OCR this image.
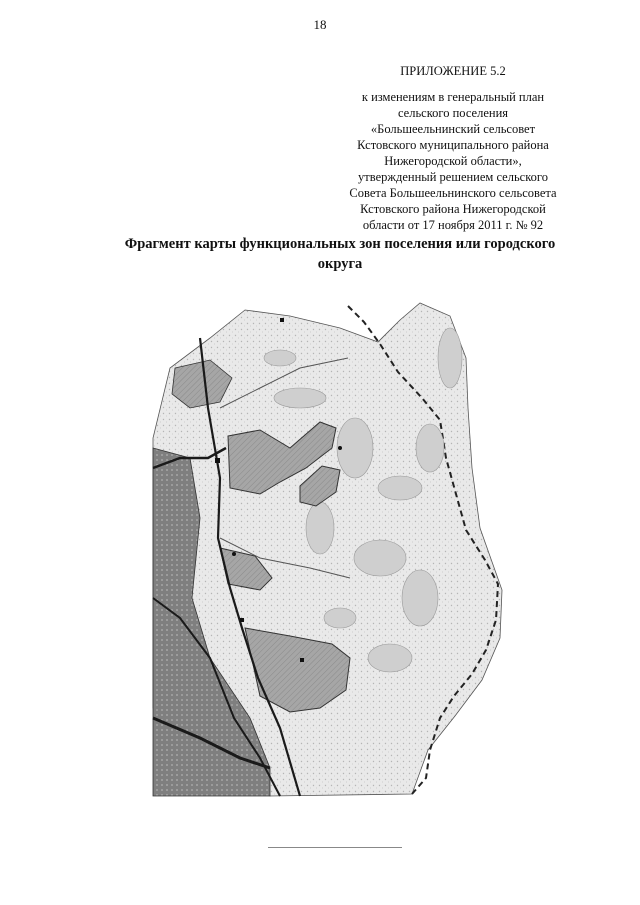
18
ПРИЛОЖЕНИЕ 5.2
к изменениям в генеральный план
сельского поселения
«Большеельнинский сельсовет
Кстовского муниципального района
Нижегородской области»,
утвержденный решением сельского
Совета Большеельнинского сельсовета
Кстовского района Нижегородской
области от 17 ноября 2011 г. № 92
Фрагмент карты функциональных зон поселения или городского
округа
